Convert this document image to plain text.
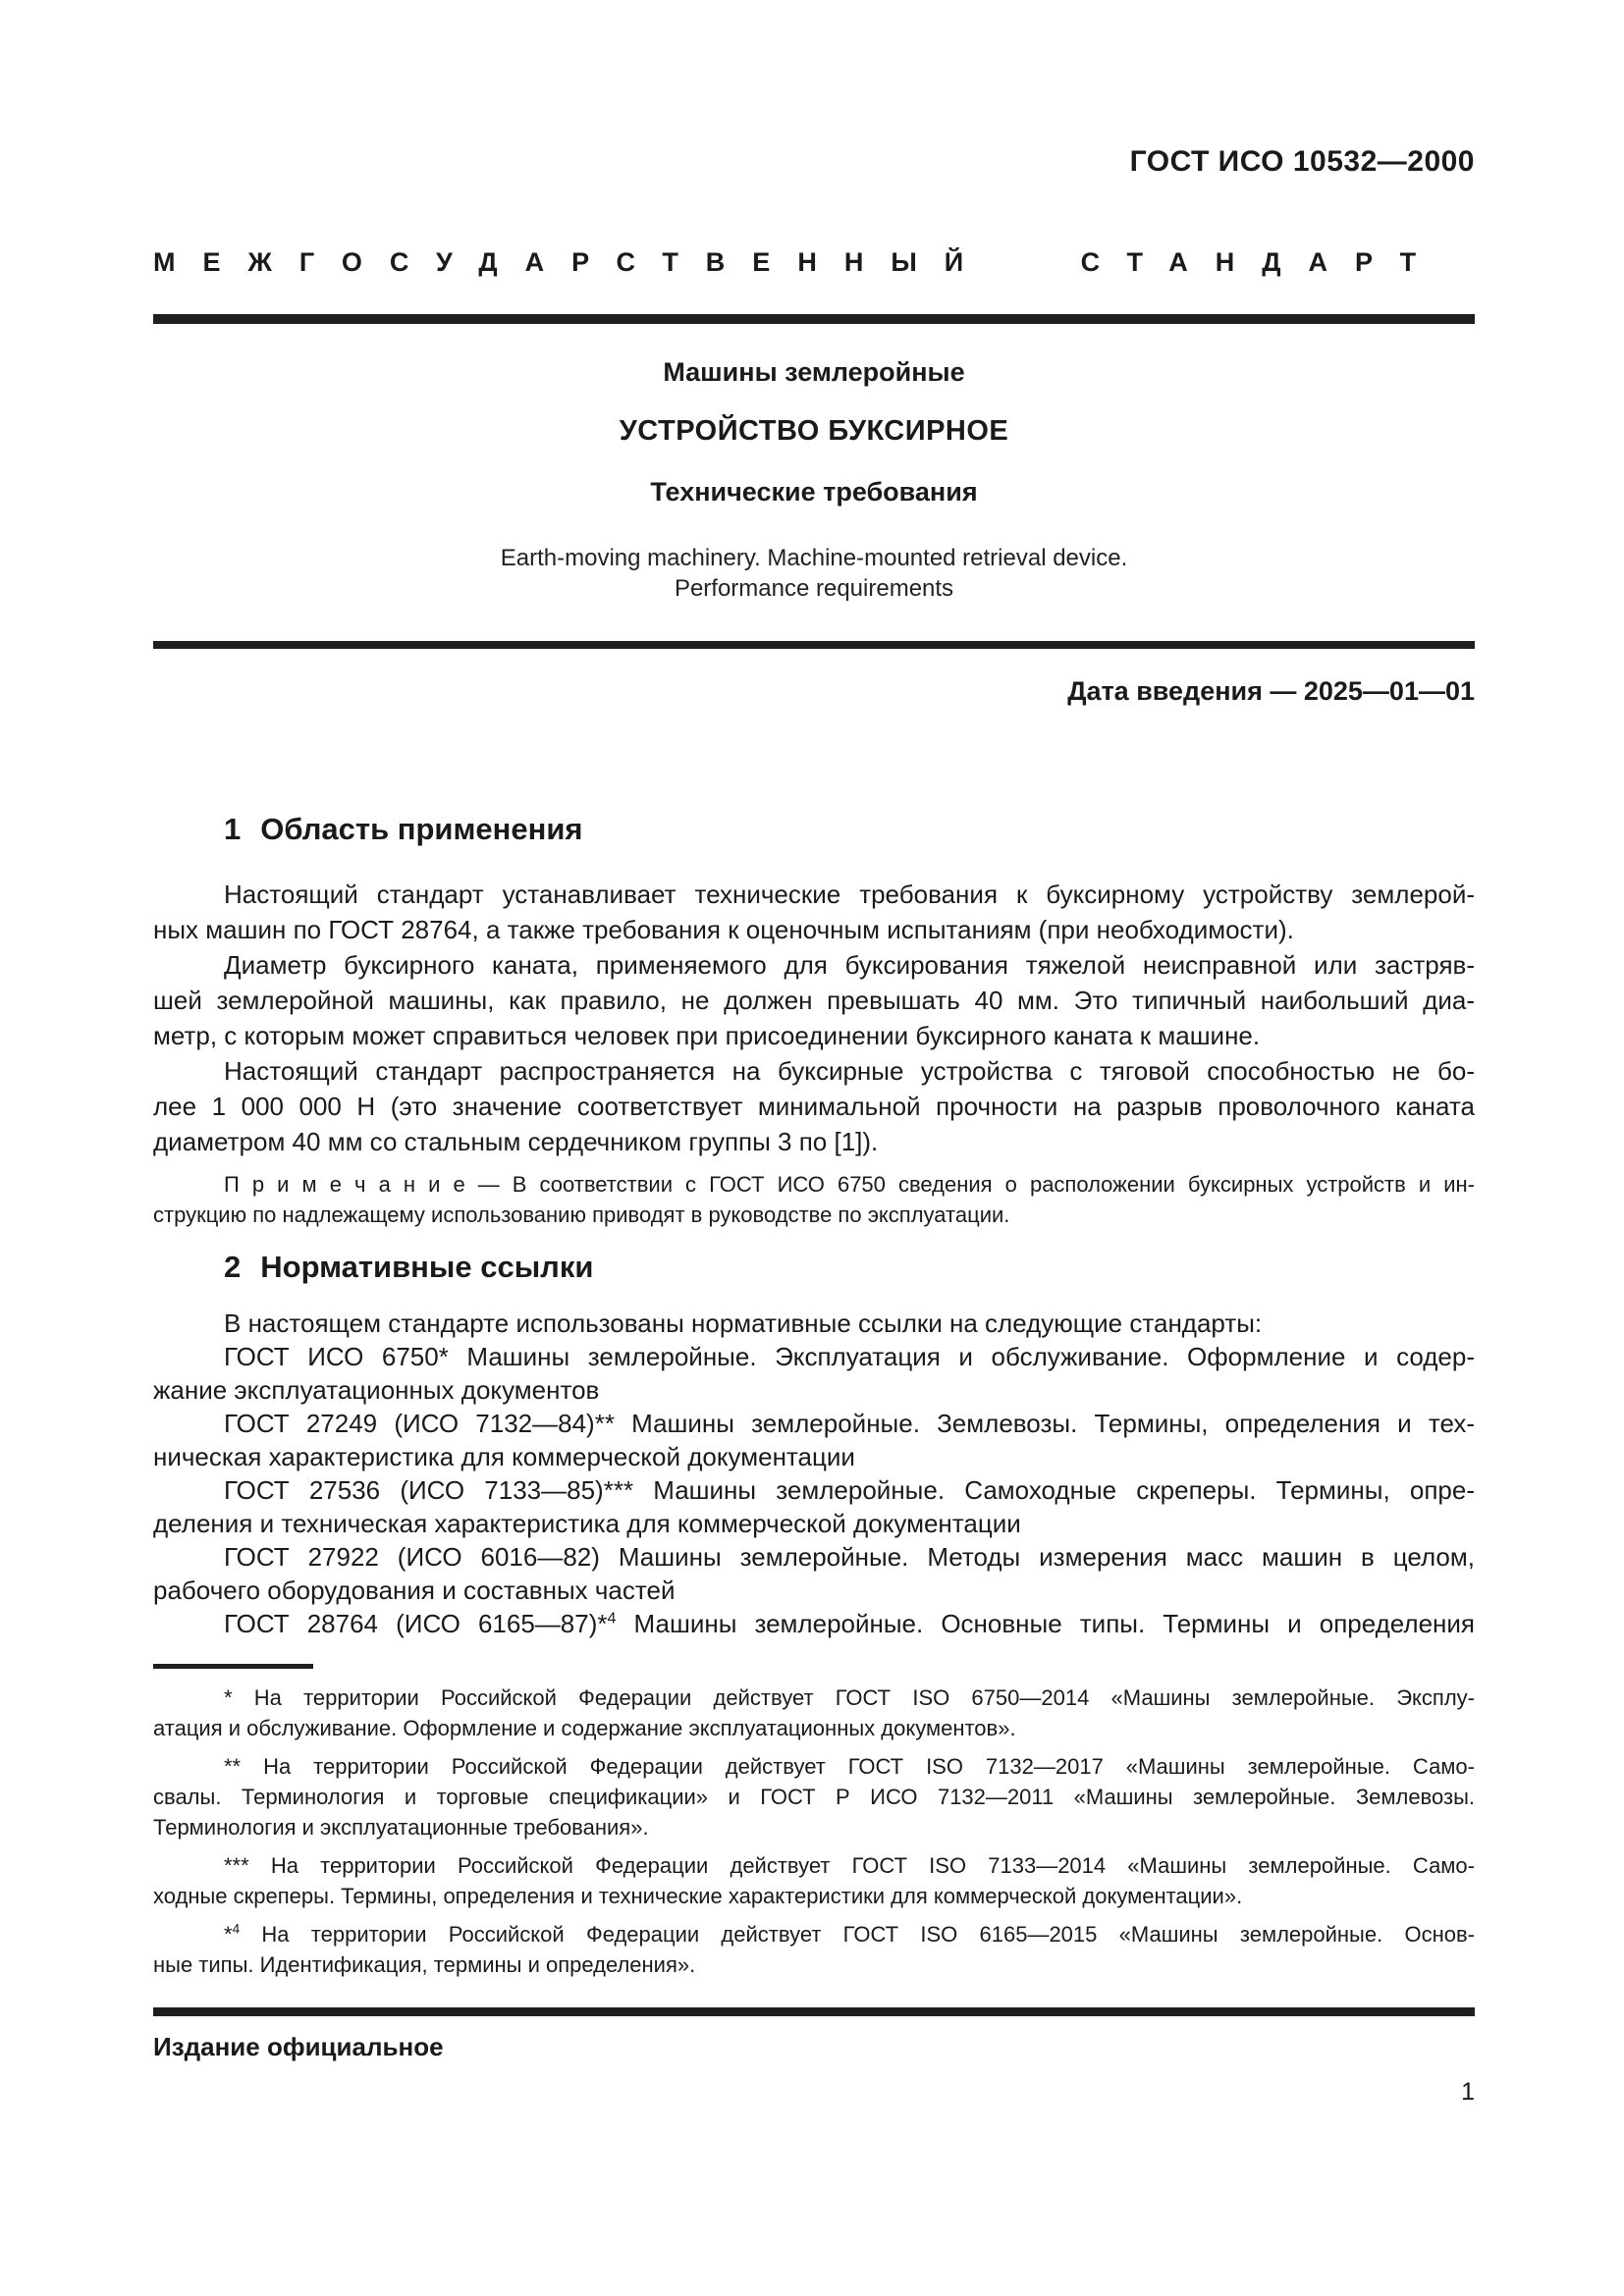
ГОСТ ИСО 10532—2000
МЕЖГОСУДАРСТВЕННЫЙ СТАНДАРТ
Машины землеройные
УСТРОЙСТВО БУКСИРНОЕ
Технические требования
Earth-moving machinery. Machine-mounted retrieval device.
Performance requirements
Дата введения — 2025—01—01
1 Область применения
Настоящий стандарт устанавливает технические требования к буксирному устройству землерой-
ных машин по ГОСТ 28764, а также требования к оценочным испытаниям (при необходимости).
Диаметр буксирного каната, применяемого для буксирования тяжелой неисправной или застряв-
шей землеройной машины, как правило, не должен превышать 40 мм. Это типичный наибольший диа-
метр, с которым может справиться человек при присоединении буксирного каната к машине.
Настоящий стандарт распространяется на буксирные устройства с тяговой способностью не бо-
лее 1 000 000 Н (это значение соответствует минимальной прочности на разрыв проволочного каната
диаметром 40 мм со стальным сердечником группы 3 по [1]).
П р и м е ч а н и е — В соответствии с ГОСТ ИСО 6750 сведения о расположении буксирных устройств и ин-
струкцию по надлежащему использованию приводят в руководстве по эксплуатации.
2 Нормативные ссылки
В настоящем стандарте использованы нормативные ссылки на следующие стандарты:
ГОСТ ИСО 6750* Машины землеройные. Эксплуатация и обслуживание. Оформление и содер-
жание эксплуатационных документов
ГОСТ 27249 (ИСО 7132—84)** Машины землеройные. Землевозы. Термины, определения и тех-
ническая характеристика для коммерческой документации
ГОСТ 27536 (ИСО 7133—85)*** Машины землеройные. Самоходные скреперы. Термины, опре-
деления и техническая характеристика для коммерческой документации
ГОСТ 27922 (ИСО 6016—82) Машины землеройные. Методы измерения масс машин в целом,
рабочего оборудования и составных частей
ГОСТ 28764 (ИСО 6165—87)*$^4$ Машины землеройные. Основные типы. Термины и определения
* На территории Российской Федерации действует ГОСТ ISO 6750—2014 «Машины землеройные. Эксплу-
атация и обслуживание. Оформление и содержание эксплуатационных документов».
** На территории Российской Федерации действует ГОСТ ISO 7132—2017 «Машины землеройные. Само-
свалы. Терминология и торговые спецификации» и ГОСТ Р ИСО 7132—2011 «Машины землеройные. Землевозы.
Терминология и эксплуатационные требования».
*** На территории Российской Федерации действует ГОСТ ISO 7133—2014 «Машины землеройные. Само-
ходные скреперы. Термины, определения и технические характеристики для коммерческой документации».
*$^4$ На территории Российской Федерации действует ГОСТ ISO 6165—2015 «Машины землеройные. Основ-
ные типы. Идентификация, термины и определения».
Издание официальное
1
